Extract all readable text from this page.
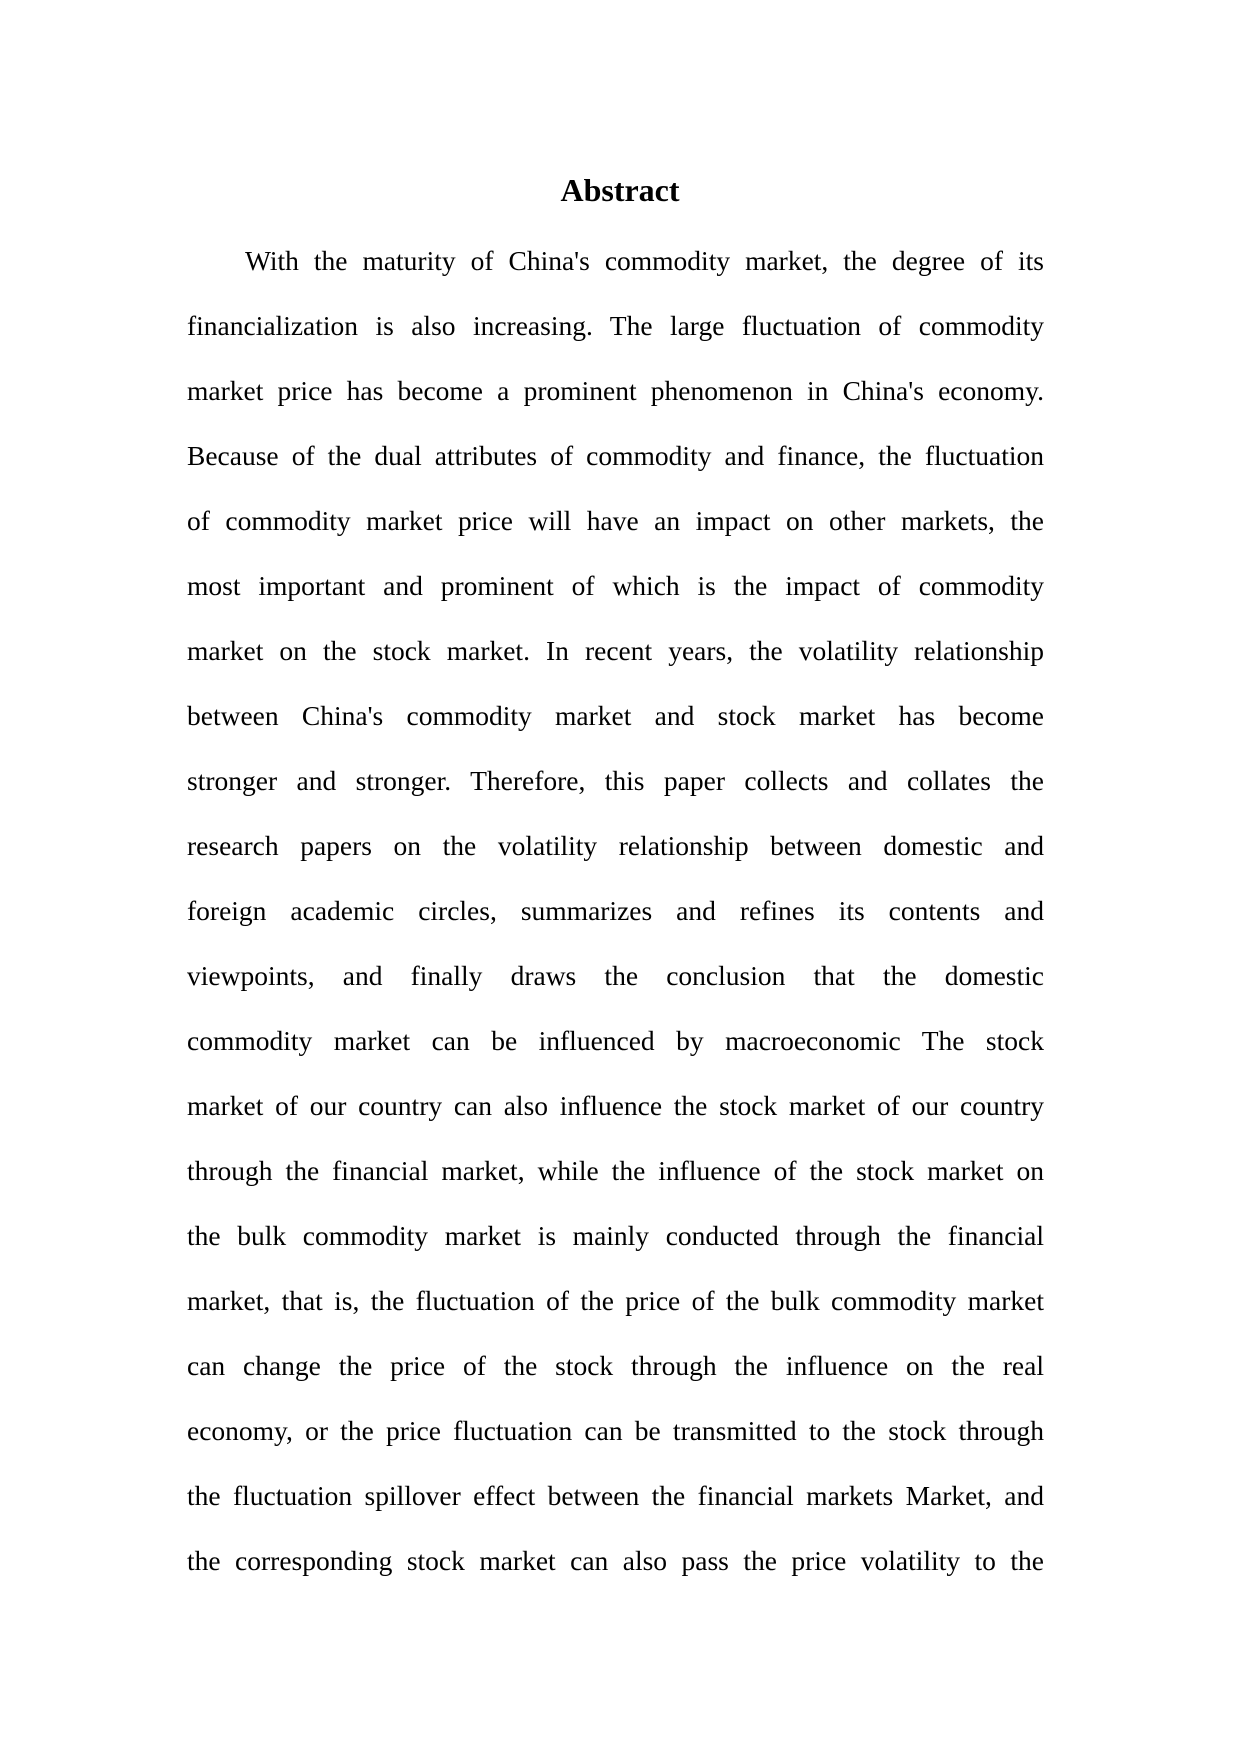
Abstract
With the maturity of China's commodity market, the degree of its
financialization is also increasing. The large fluctuation of commodity
market price has become a prominent phenomenon in China's economy.
Because of the dual attributes of commodity and finance, the fluctuation
of commodity market price will have an impact on other markets, the
most important and prominent of which is the impact of commodity
market on the stock market. In recent years, the volatility relationship
between China's commodity market and stock market has become
stronger and stronger. Therefore, this paper collects and collates the
research papers on the volatility relationship between domestic and
foreign academic circles, summarizes and refines its contents and
viewpoints, and finally draws the conclusion that the domestic
commodity market can be influenced by macroeconomic The stock
market of our country can also influence the stock market of our country
through the financial market, while the influence of the stock market on
the bulk commodity market is mainly conducted through the financial
market, that is, the fluctuation of the price of the bulk commodity market
can change the price of the stock through the influence on the real
economy, or the price fluctuation can be transmitted to the stock through
the fluctuation spillover effect between the financial markets Market, and
the corresponding stock market can also pass the price volatility to the
